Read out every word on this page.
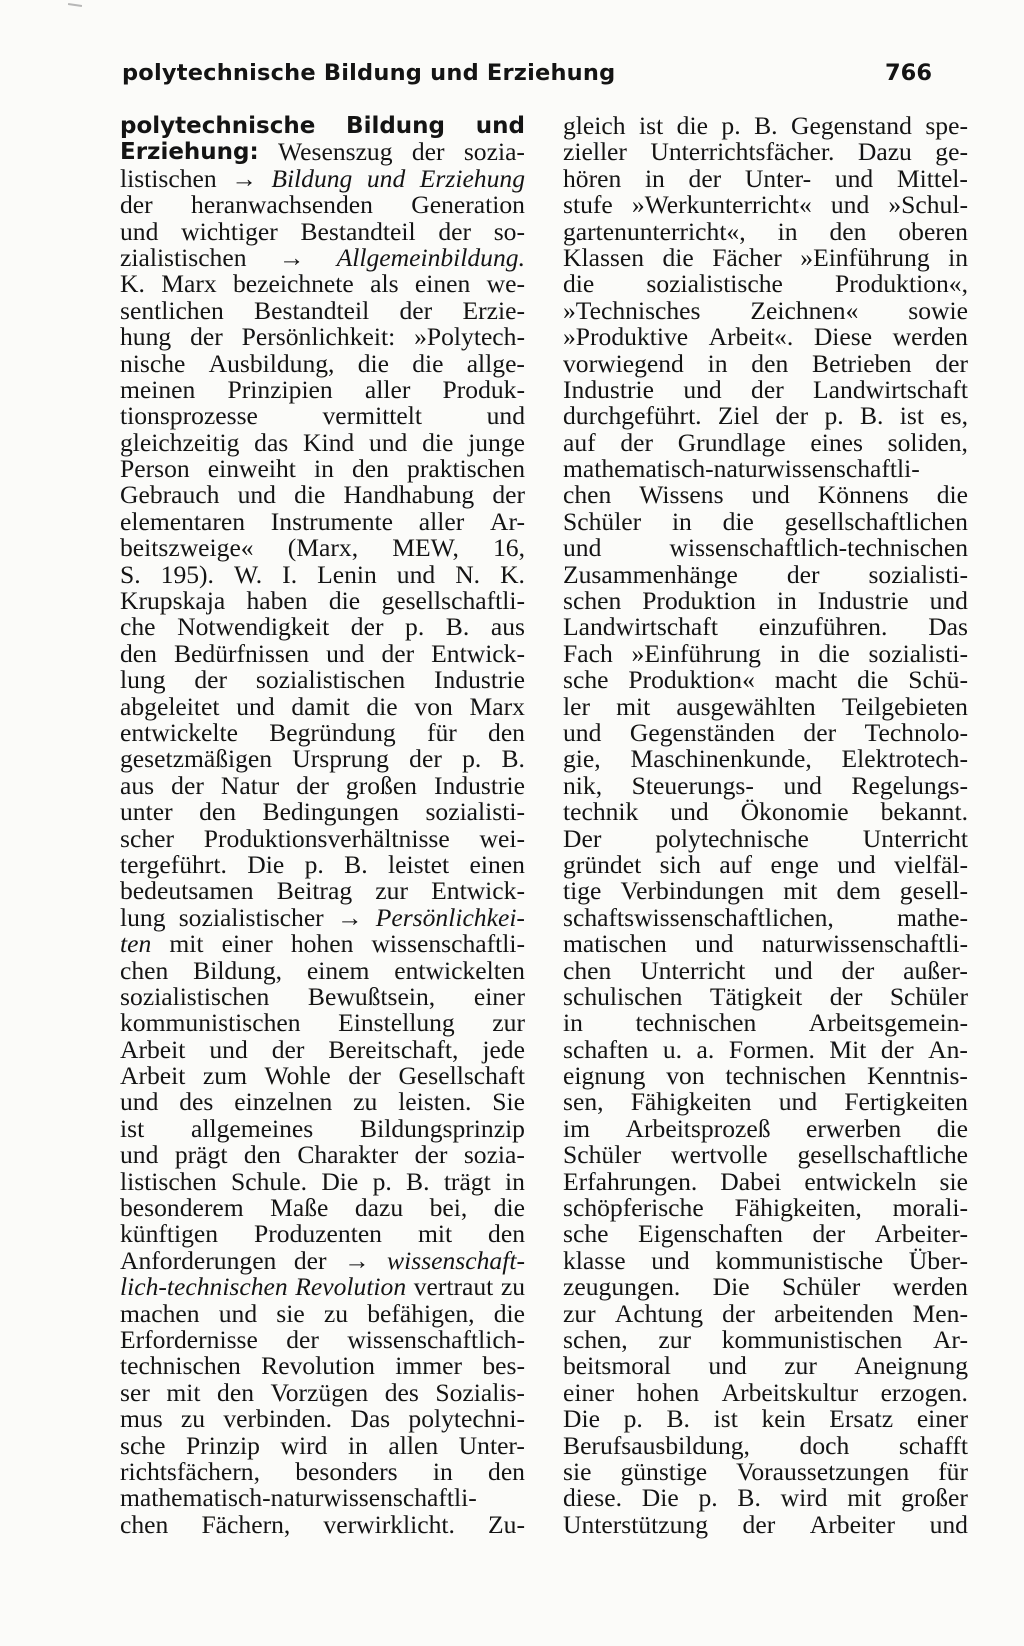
polytechnische Bildung und Erziehung	766
polytechnische Bildung und
Erziehung: Wesenszug der sozia-
listischen → Bildung und Erziehung
der heranwachsenden Generation
und wichtiger Bestandteil der so-
zialistischen → Allgemeinbildung.
K. Marx bezeichnete als einen we-
sentlichen Bestandteil der Erzie-
hung der Persönlichkeit: »Polytech-
nische Ausbildung, die die allge-
meinen Prinzipien aller Produk-
tionsprozesse	vermittelt	und
gleichzeitig das Kind und die junge
Person einweiht in den praktischen
Gebrauch und die Handhabung der
elementaren Instrumente aller Ar-
beitszweige« (Marx, MEW, 16,
S. 195). W. I. Lenin und N. K.
Krupskaja haben die gesellschaftli-
che Notwendigkeit der p. B. aus
den Bedürfnissen und der Entwick-
lung der sozialistischen Industrie
abgeleitet und damit die von Marx
entwickelte Begründung für den
gesetzmäßigen Ursprung der p. B.
aus der Natur der großen Industrie
unter den Bedingungen sozialisti-
scher Produktionsverhältnisse wei-
tergeführt. Die p. B. leistet einen
bedeutsamen Beitrag zur Entwick-
lung sozialistischer → Persönlichkei-
ten mit einer hohen wissenschaftli-
chen Bildung, einem entwickelten
sozialistischen Bewußtsein, einer
kommunistischen Einstellung zur
Arbeit und der Bereitschaft, jede
Arbeit zum Wohle der Gesellschaft
und des einzelnen zu leisten. Sie
ist allgemeines Bildungsprinzip
und prägt den Charakter der sozia-
listischen Schule. Die p. B. trägt in
besonderem Maße dazu bei, die
künftigen Produzenten mit den
Anforderungen der → wissenschaft-
lich-technischen Revolution vertraut zu
machen und sie zu befähigen, die
Erfordernisse der wissenschaftlich-
technischen Revolution immer bes-
ser mit den Vorzügen des Sozialis-
mus zu verbinden. Das polytechni-
sche Prinzip wird in allen Unter-
richtsfächern, besonders in den
mathematisch-naturwissenschaftli-
chen Fächern, verwirklicht. Zu-
gleich ist die p. B. Gegenstand spe-
zieller Unterrichtsfächer. Dazu ge-
hören in der Unter- und Mittel-
stufe »Werkunterricht« und »Schul-
gartenunterricht«, in den oberen
Klassen die Fächer »Einführung in
die sozialistische Produktion«,
»Technisches Zeichnen« sowie
»Produktive Arbeit«. Diese werden
vorwiegend in den Betrieben der
Industrie und der Landwirtschaft
durchgeführt. Ziel der p. B. ist es,
auf der Grundlage eines soliden,
mathematisch-naturwissenschaftli-
chen Wissens und Könnens die
Schüler in die gesellschaftlichen
und	wissenschaftlich-technischen
Zusammenhänge der sozialisti-
schen Produktion in Industrie und
Landwirtschaft einzuführen. Das
Fach »Einführung in die sozialisti-
sche Produktion« macht die Schü-
ler mit ausgewählten Teilgebieten
und Gegenständen der Technolo-
gie, Maschinenkunde, Elektrotech-
nik, Steuerungs- und Regelungs-
technik und Ökonomie bekannt.
Der polytechnische Unterricht
gründet sich auf enge und vielfäl-
tige Verbindungen mit dem gesell-
schaftswissenschaftlichen, mathe-
matischen und naturwissenschaftli-
chen Unterricht und der außer-
schulischen Tätigkeit der Schüler
in technischen Arbeitsgemein-
schaften u. a. Formen. Mit der An-
eignung von technischen Kenntnis-
sen, Fähigkeiten und Fertigkeiten
im Arbeitsprozeß erwerben die
Schüler wertvolle gesellschaftliche
Erfahrungen. Dabei entwickeln sie
schöpferische Fähigkeiten, morali-
sche Eigenschaften der Arbeiter-
klasse und kommunistische Über-
zeugungen. Die Schüler werden
zur Achtung der arbeitenden Men-
schen, zur kommunistischen Ar-
beitsmoral und zur Aneignung
einer hohen Arbeitskultur erzogen.
Die p. B. ist kein Ersatz einer
Berufsausbildung, doch schafft
sie günstige Voraussetzungen für
diese. Die p. B. wird mit großer
Unterstützung der Arbeiter und
